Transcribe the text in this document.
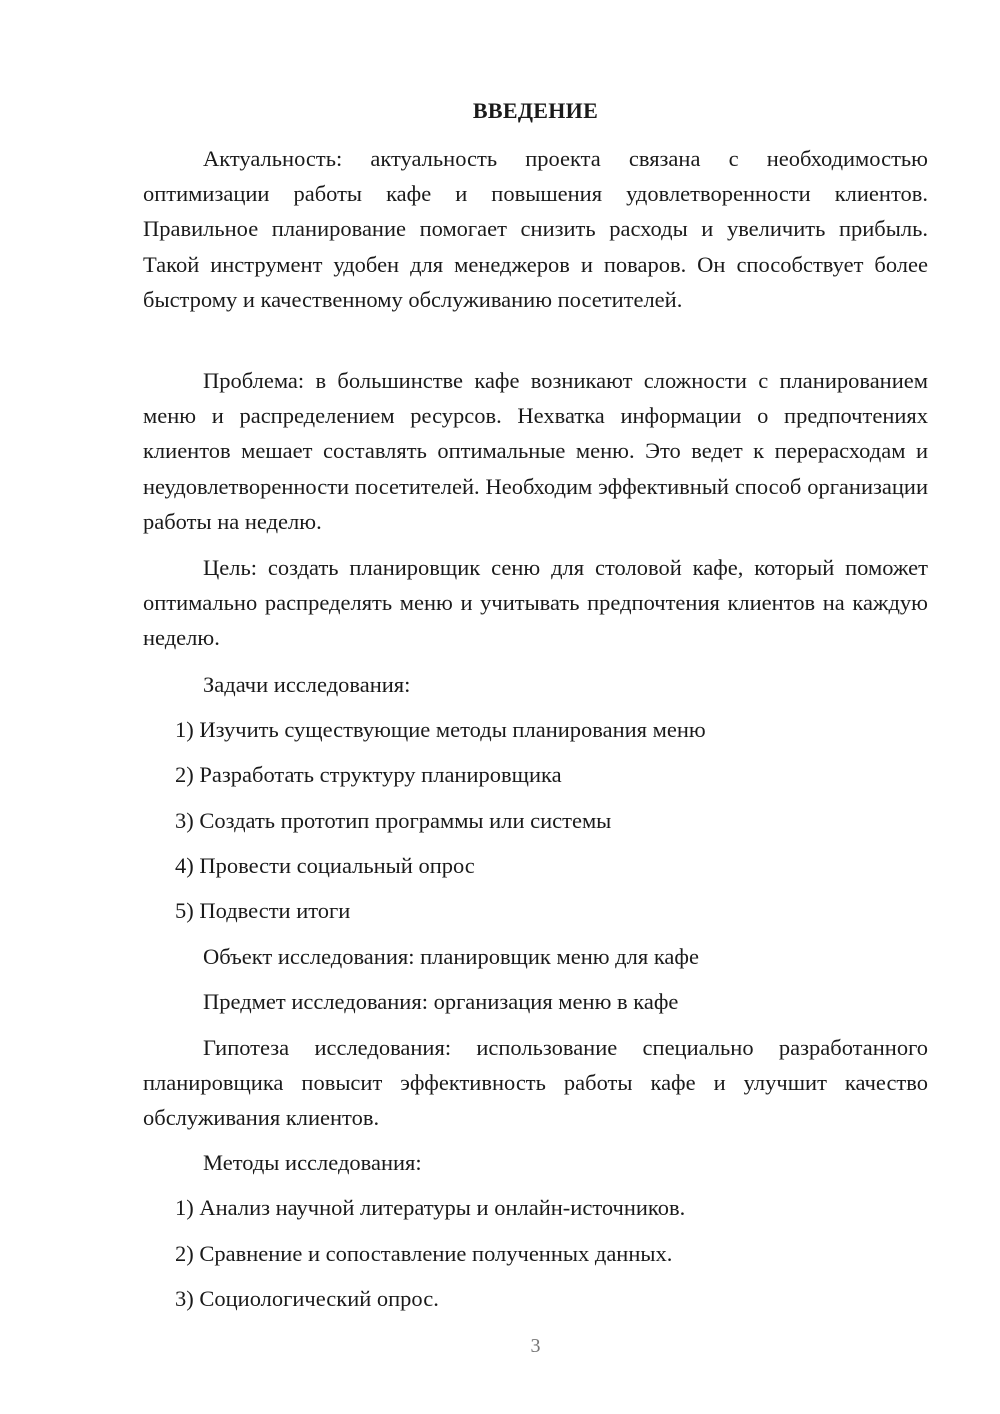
ВВЕДЕНИЕ

Актуальность: актуальность проекта связана с необходимостью оптимизации работы кафе и повышения удовлетворенности клиентов. Правильное планирование помогает снизить расходы и увеличить прибыль. Такой инструмент удобен для менеджеров и поваров. Он способствует более быстрому и качественному обслуживанию посетителей.

Проблема: в большинстве кафе возникают сложности с планированием меню и распределением ресурсов. Нехватка информации о предпочтениях клиентов мешает составлять оптимальные меню. Это ведет к перерасходам и неудовлетворенности посетителей. Необходим эффективный способ организации работы на неделю.

Цель: создать планировщик сеню для столовой кафе, который поможет оптимально распределять меню и учитывать предпочтения клиентов на каждую неделю.

Задачи исследования:

1) Изучить существующие методы планирования меню

2) Разработать структуру планировщика

3) Создать прототип программы или системы

4) Провести социальный опрос

5) Подвести итоги

Объект исследования: планировщик меню для кафе

Предмет исследования: организация меню в кафе

Гипотеза исследования: использование специально разработанного планировщика повысит эффективность работы кафе и улучшит качество обслуживания клиентов.

Методы исследования:

1) Анализ научной литературы и онлайн-источников.

2) Сравнение и сопоставление полученных данных.

3) Социологический опрос.

3
